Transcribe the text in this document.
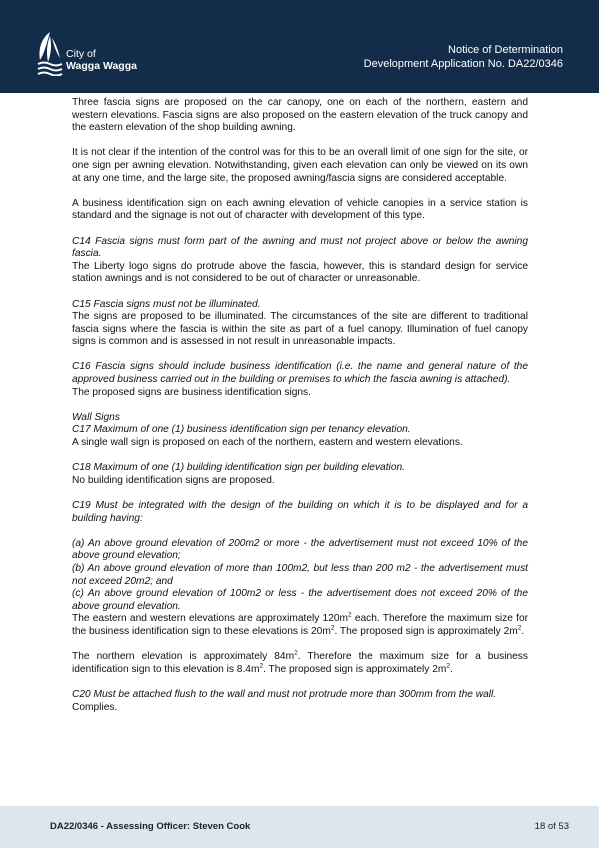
City of
Wagga Wagga
Notice of Determination
Development Application No. DA22/0346

Three fascia signs are proposed on the car canopy, one on each of the northern, eastern and western elevations. Fascia signs are also proposed on the eastern elevation of the truck canopy and the eastern elevation of the shop building awning.

It is not clear if the intention of the control was for this to be an overall limit of one sign for the site, or one sign per awning elevation. Notwithstanding, given each elevation can only be viewed on its own at any one time, and the large site, the proposed awning/fascia signs are considered acceptable.

A business identification sign on each awning elevation of vehicle canopies in a service station is standard and the signage is not out of character with development of this type.

C14 Fascia signs must form part of the awning and must not project above or below the awning fascia.

The Liberty logo signs do protrude above the fascia, however, this is standard design for service station awnings and is not considered to be out of character or unreasonable.

C15 Fascia signs must not be illuminated.

The signs are proposed to be illuminated. The circumstances of the site are different to traditional fascia signs where the fascia is within the site as part of a fuel canopy. Illumination of fuel canopy signs is common and is assessed in not result in unreasonable impacts.

C16 Fascia signs should include business identification (i.e. the name and general nature of the approved business carried out in the building or premises to which the fascia awning is attached).

The proposed signs are business identification signs.

Wall Signs

C17 Maximum of one (1) business identification sign per tenancy elevation.

A single wall sign is proposed on each of the northern, eastern and western elevations.

C18 Maximum of one (1) building identification sign per building elevation.

No building identification signs are proposed.

C19 Must be integrated with the design of the building on which it is to be displayed and for a building having:

(a) An above ground elevation of 200m2 or more - the advertisement must not exceed 10% of the above ground elevation;

(b) An above ground elevation of more than 100m2, but less than 200 m2 - the advertisement must not exceed 20m2; and

(c) An above ground elevation of 100m2 or less - the advertisement does not exceed 20% of the above ground elevation.

The eastern and western elevations are approximately $120m^2$ each. Therefore the maximum size for the business identification sign to these elevations is $20m^2$. The proposed sign is approximately $2m^2$.

The northern elevation is approximately $84m^2$. Therefore the maximum size for a business identification sign to this elevation is $8.4m^2$. The proposed sign is approximately $2m^2$.

C20 Must be attached flush to the wall and must not protrude more than 300mm from the wall.

Complies.

DA22/0346 - Assessing Officer: Steven Cook	18 of 53
